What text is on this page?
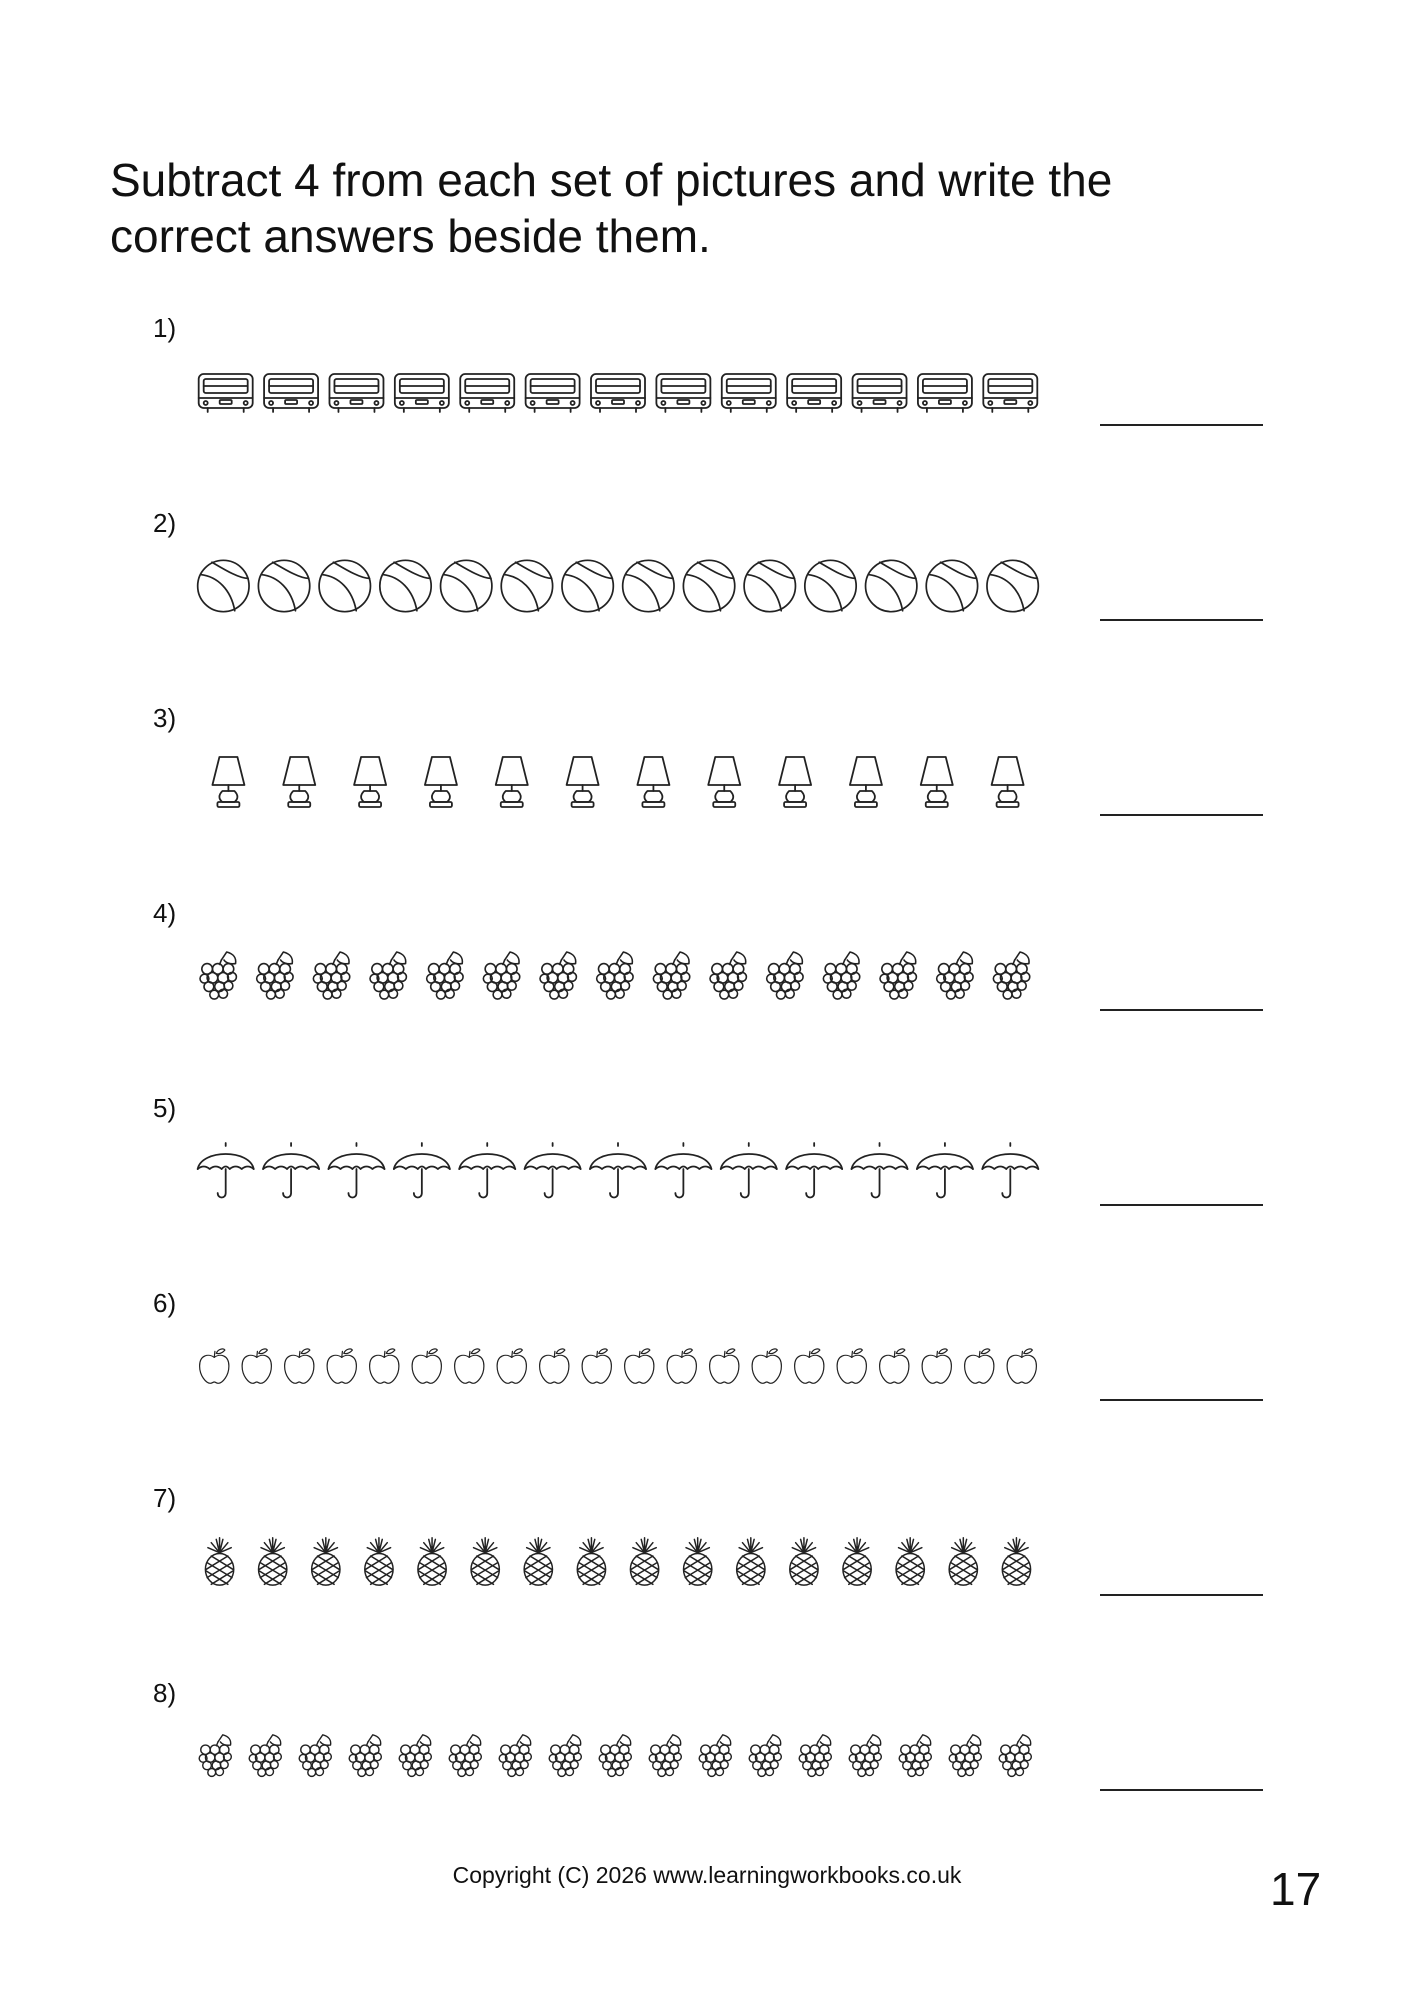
Subtract 4 from each set of pictures and write the correct answers beside them.
1)
2)
3)
4)
5)
6)
7)
8)
Copyright (C) 2026 www.learningworkbooks.co.uk	17
